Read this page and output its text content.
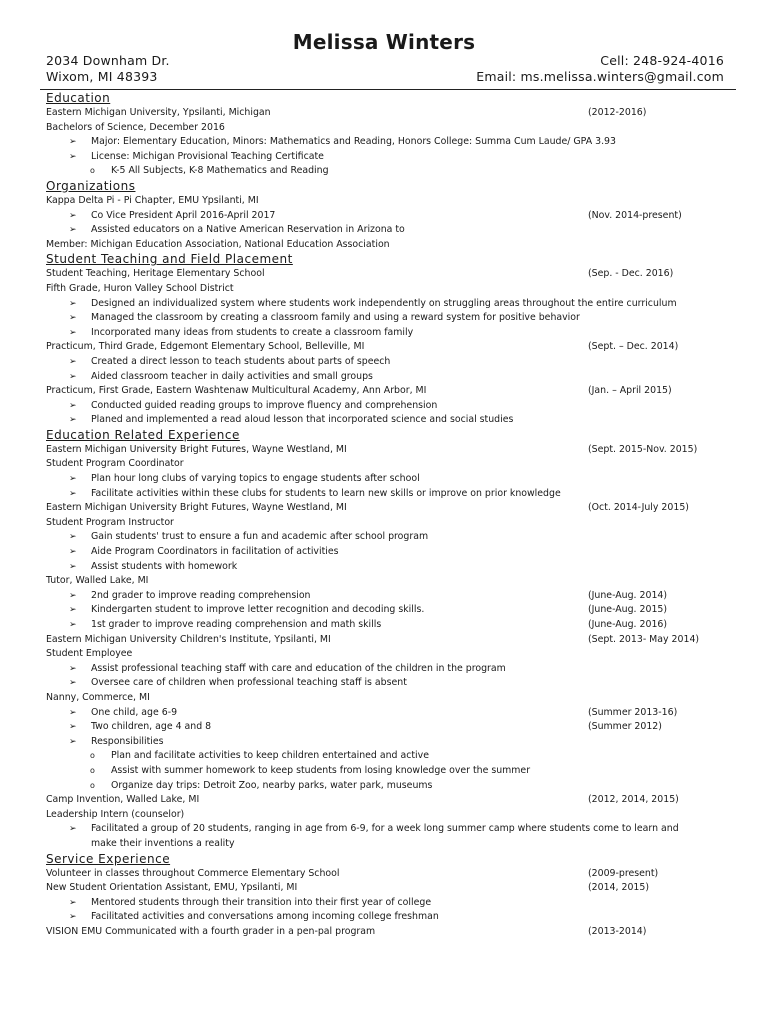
Melissa Winters
2034 Downham Dr.
Wixom, MI 48393
Cell: 248-924-4016
Email: ms.melissa.winters@gmail.com
Education
Eastern Michigan University, Ypsilanti, Michigan	(2012-2016)
Bachelors of Science, December 2016
➢ Major: Elementary Education, Minors: Mathematics and Reading, Honors College: Summa Cum Laude/ GPA 3.93
➢ License: Michigan Provisional Teaching Certificate
o K-5 All Subjects, K-8 Mathematics and Reading
Organizations
Kappa Delta Pi - Pi Chapter, EMU Ypsilanti, MI
➢ Co Vice President April 2016-April 2017	(Nov. 2014-present)
➢ Assisted educators on a Native American Reservation in Arizona to
Member: Michigan Education Association, National Education Association
Student Teaching and Field Placement
Student Teaching, Heritage Elementary School	(Sep. - Dec. 2016)
Fifth Grade, Huron Valley School District
➢ Designed an individualized system where students work independently on struggling areas throughout the entire curriculum
➢ Managed the classroom by creating a classroom family and using a reward system for positive behavior
➢ Incorporated many ideas from students to create a classroom family
Practicum, Third Grade, Edgemont Elementary School, Belleville, MI	(Sept. – Dec. 2014)
➢ Created a direct lesson to teach students about parts of speech
➢ Aided classroom teacher in daily activities and small groups
Practicum, First Grade, Eastern Washtenaw Multicultural Academy, Ann Arbor, MI	(Jan. – April 2015)
➢ Conducted guided reading groups to improve fluency and comprehension
➢ Planed and implemented a read aloud lesson that incorporated science and social studies
Education Related Experience
Eastern Michigan University Bright Futures, Wayne Westland, MI	(Sept. 2015-Nov. 2015)
Student Program Coordinator
➢ Plan hour long clubs of varying topics to engage students after school
➢ Facilitate activities within these clubs for students to learn new skills or improve on prior knowledge
Eastern Michigan University Bright Futures, Wayne Westland, MI	(Oct. 2014-July 2015)
Student Program Instructor
➢ Gain students' trust to ensure a fun and academic after school program
➢ Aide Program Coordinators in facilitation of activities
➢ Assist students with homework
Tutor, Walled Lake, MI
➢ 2nd grader to improve reading comprehension	(June-Aug. 2014)
➢ Kindergarten student to improve letter recognition and decoding skills.	(June-Aug. 2015)
➢ 1st grader to improve reading comprehension and math skills	(June-Aug. 2016)
Eastern Michigan University Children's Institute, Ypsilanti, MI	(Sept. 2013- May 2014)
Student Employee
➢ Assist professional teaching staff with care and education of the children in the program
➢ Oversee care of children when professional teaching staff is absent
Nanny, Commerce, MI
➢ One child, age 6-9	(Summer 2013-16)
➢ Two children, age 4 and 8	(Summer 2012)
➢ Responsibilities
o Plan and facilitate activities to keep children entertained and active
o Assist with summer homework to keep students from losing knowledge over the summer
o Organize day trips: Detroit Zoo, nearby parks, water park, museums
Camp Invention, Walled Lake, MI	(2012, 2014, 2015)
Leadership Intern (counselor)
➢ Facilitated a group of 20 students, ranging in age from 6-9, for a week long summer camp where students come to learn and
make their inventions a reality
Service Experience
Volunteer in classes throughout Commerce Elementary School	(2009-present)
New Student Orientation Assistant, EMU, Ypsilanti, MI	(2014, 2015)
➢ Mentored students through their transition into their first year of college
➢ Facilitated activities and conversations among incoming college freshman
VISION EMU Communicated with a fourth grader in a pen-pal program	(2013-2014)
